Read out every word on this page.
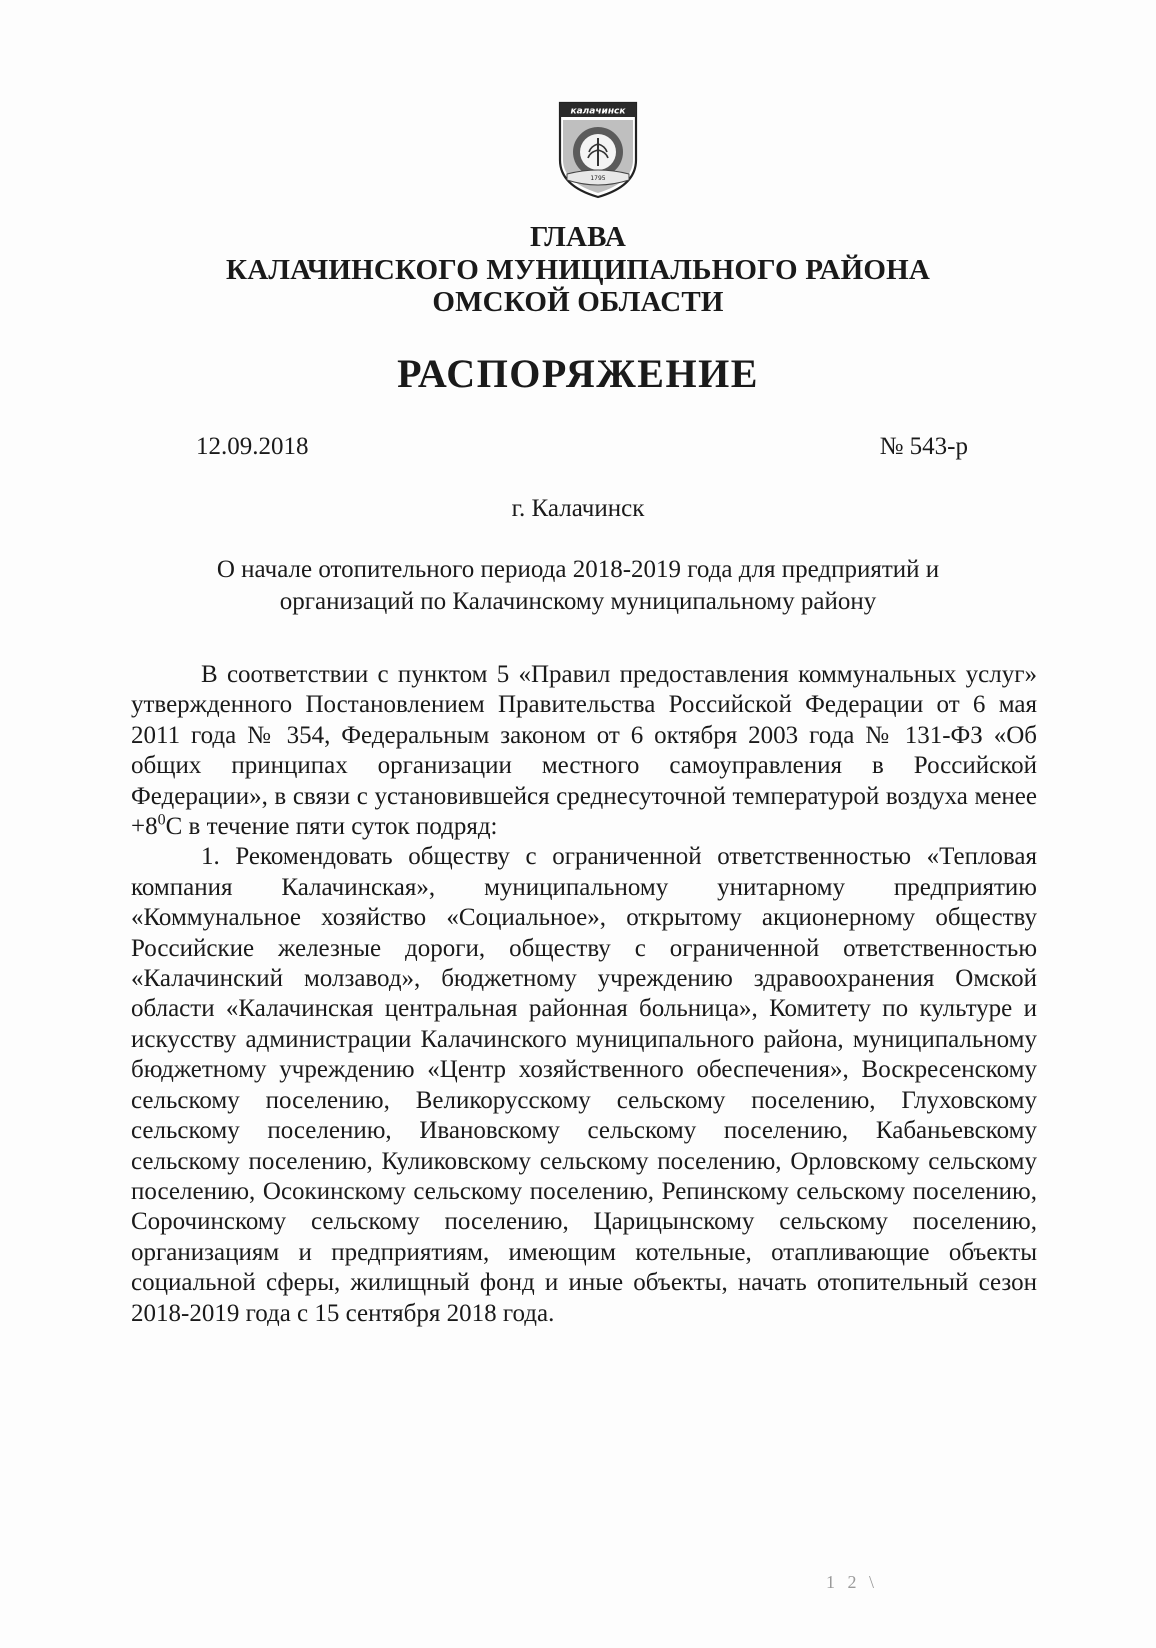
калачинск
1795
ГЛАВА
КАЛАЧИНСКОГО МУНИЦИПАЛЬНОГО РАЙОНА
ОМСКОЙ ОБЛАСТИ
РАСПОРЯЖЕНИЕ
12.09.2018	№ 543-р
г. Калачинск
О начале отопительного периода 2018-2019 года для предприятий и
организаций по Калачинскому муниципальному району

В соответствии с пунктом 5 «Правил предоставления коммунальных услуг» утвержденного Постановлением Правительства Российской Федерации от 6 мая 2011 года № 354, Федеральным законом от 6 октября 2003 года № 131-ФЗ «Об общих принципах организации местного самоуправления в Российской Федерации», в связи с установившейся среднесуточной температурой воздуха менее $+8^0С$ в течение пяти суток подряд:

1. Рекомендовать обществу с ограниченной ответственностью «Тепловая компания Калачинская», муниципальному унитарному предприятию «Коммунальное хозяйство «Социальное», открытому акционерному обществу Российские железные дороги, обществу с ограниченной ответственностью «Калачинский молзавод», бюджетному учреждению здравоохранения Омской области «Калачинская центральная районная больница», Комитету по культуре и искусству администрации Калачинского муниципального района, муниципальному бюджетному учреждению «Центр хозяйственного обеспечения», Воскресенскому сельскому поселению, Великорусскому сельскому поселению, Глуховскому сельскому поселению, Ивановскому сельскому поселению, Кабаньевскому сельскому поселению, Куликовскому сельскому поселению, Орловскому сельскому поселению, Осокинскому сельскому поселению, Репинскому сельскому поселению, Сорочинскому сельскому поселению, Царицынскому сельскому поселению, организациям и предприятиям, имеющим котельные, отапливающие объекты социальной сферы, жилищный фонд и иные объекты, начать отопительный сезон 2018-2019 года с 15 сентября 2018 года.

1 2 \
